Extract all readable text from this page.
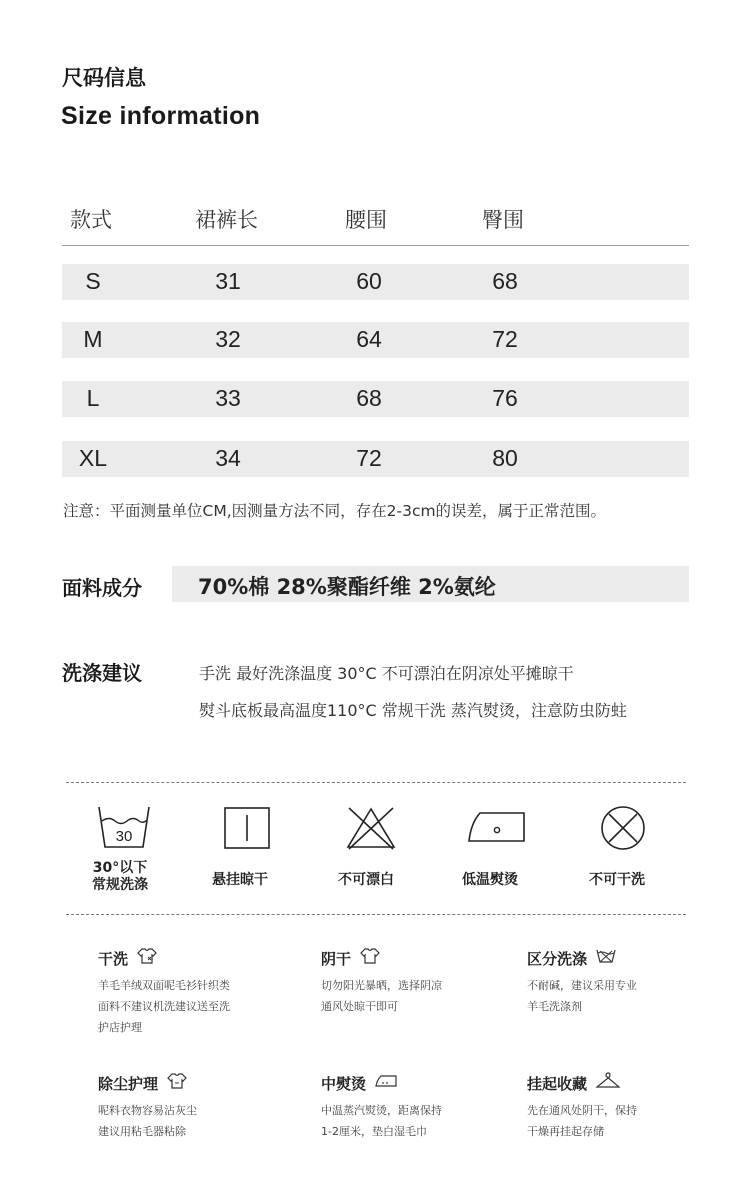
尺码信息
Size information
款式	裙裤长	腰围	臀围
S	31	60	68
M	32	64	72
L	33	68	76
XL	34	72	80
注意：平面测量单位CM,因测量方法不同，存在2-3cm的误差，属于正常范围。
面料成分	70%棉 28%聚酯纤维 2%氨纶
洗涤建议	手洗 最好洗涤温度 30°C 不可漂泊在阴凉处平摊晾干
熨斗底板最高温度110°C 常规干洗 蒸汽熨烫，注意防虫防蛀
30
30°以下
常规洗涤	悬挂晾干	不可漂白	低温熨烫	不可干洗
干洗
羊毛羊绒双面呢毛衫针织类
面料不建议机洗建议送至洗
护店护理
阴干
切勿阳光暴晒，选择阴凉
通风处晾干即可
区分洗涤
不耐碱，建议采用专业
羊毛洗涤剂
除尘护理
呢料衣物容易沾灰尘
建议用粘毛器粘除
中熨烫
中温蒸汽熨烫，距离保持
1-2厘米，垫白湿毛巾
挂起收藏
先在通风处阴干，保持
干燥再挂起存储
